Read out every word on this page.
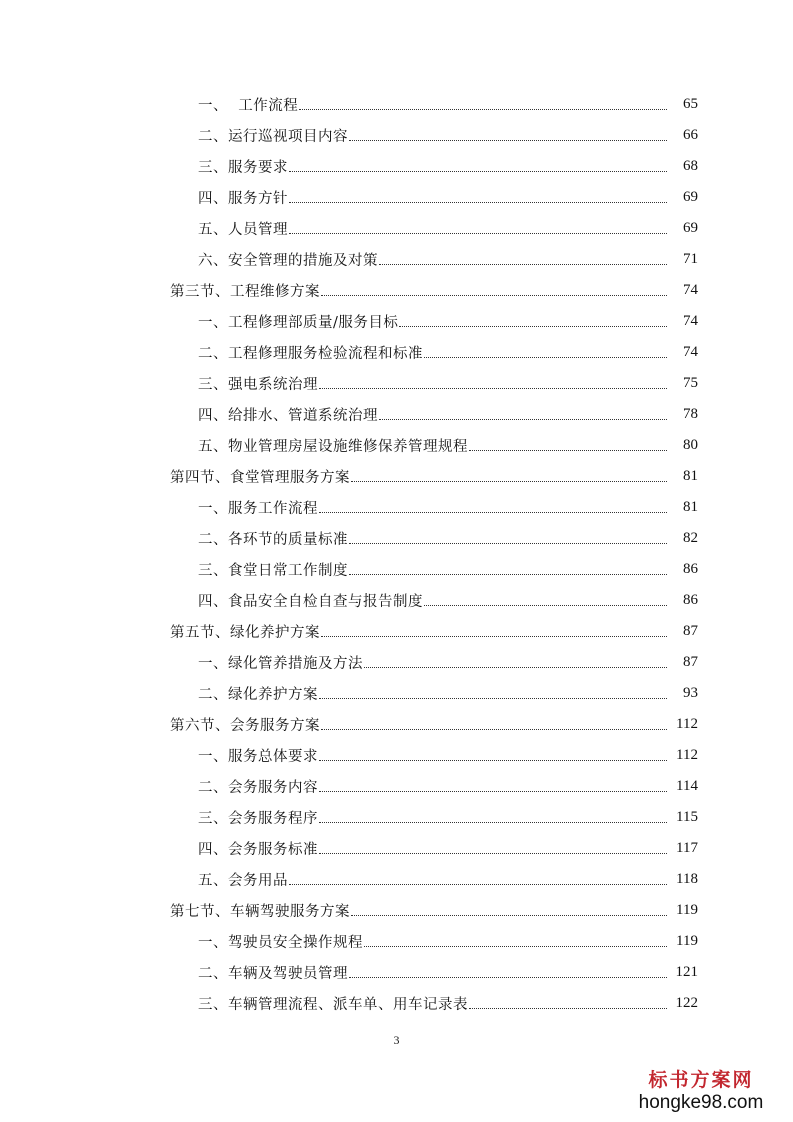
一、  工作流程	65
二、运行巡视项目内容	66
三、服务要求	68
四、服务方针	69
五、人员管理	69
六、安全管理的措施及对策	71
第三节、工程维修方案	74
一、工程修理部质量/服务目标	74
二、工程修理服务检验流程和标准	74
三、强电系统治理	75
四、给排水、管道系统治理	78
五、物业管理房屋设施维修保养管理规程	80
第四节、食堂管理服务方案	81
一、服务工作流程	81
二、各环节的质量标准	82
三、食堂日常工作制度	86
四、食品安全自检自查与报告制度	86
第五节、绿化养护方案	87
一、绿化管养措施及方法	87
二、绿化养护方案	93
第六节、会务服务方案	112
一、服务总体要求	112
二、会务服务内容	114
三、会务服务程序	115
四、会务服务标准	117
五、会务用品	118
第七节、车辆驾驶服务方案	119
一、驾驶员安全操作规程	119
二、车辆及驾驶员管理	121
三、车辆管理流程、派车单、用车记录表	122
3
标书方案网
hongke98.com
